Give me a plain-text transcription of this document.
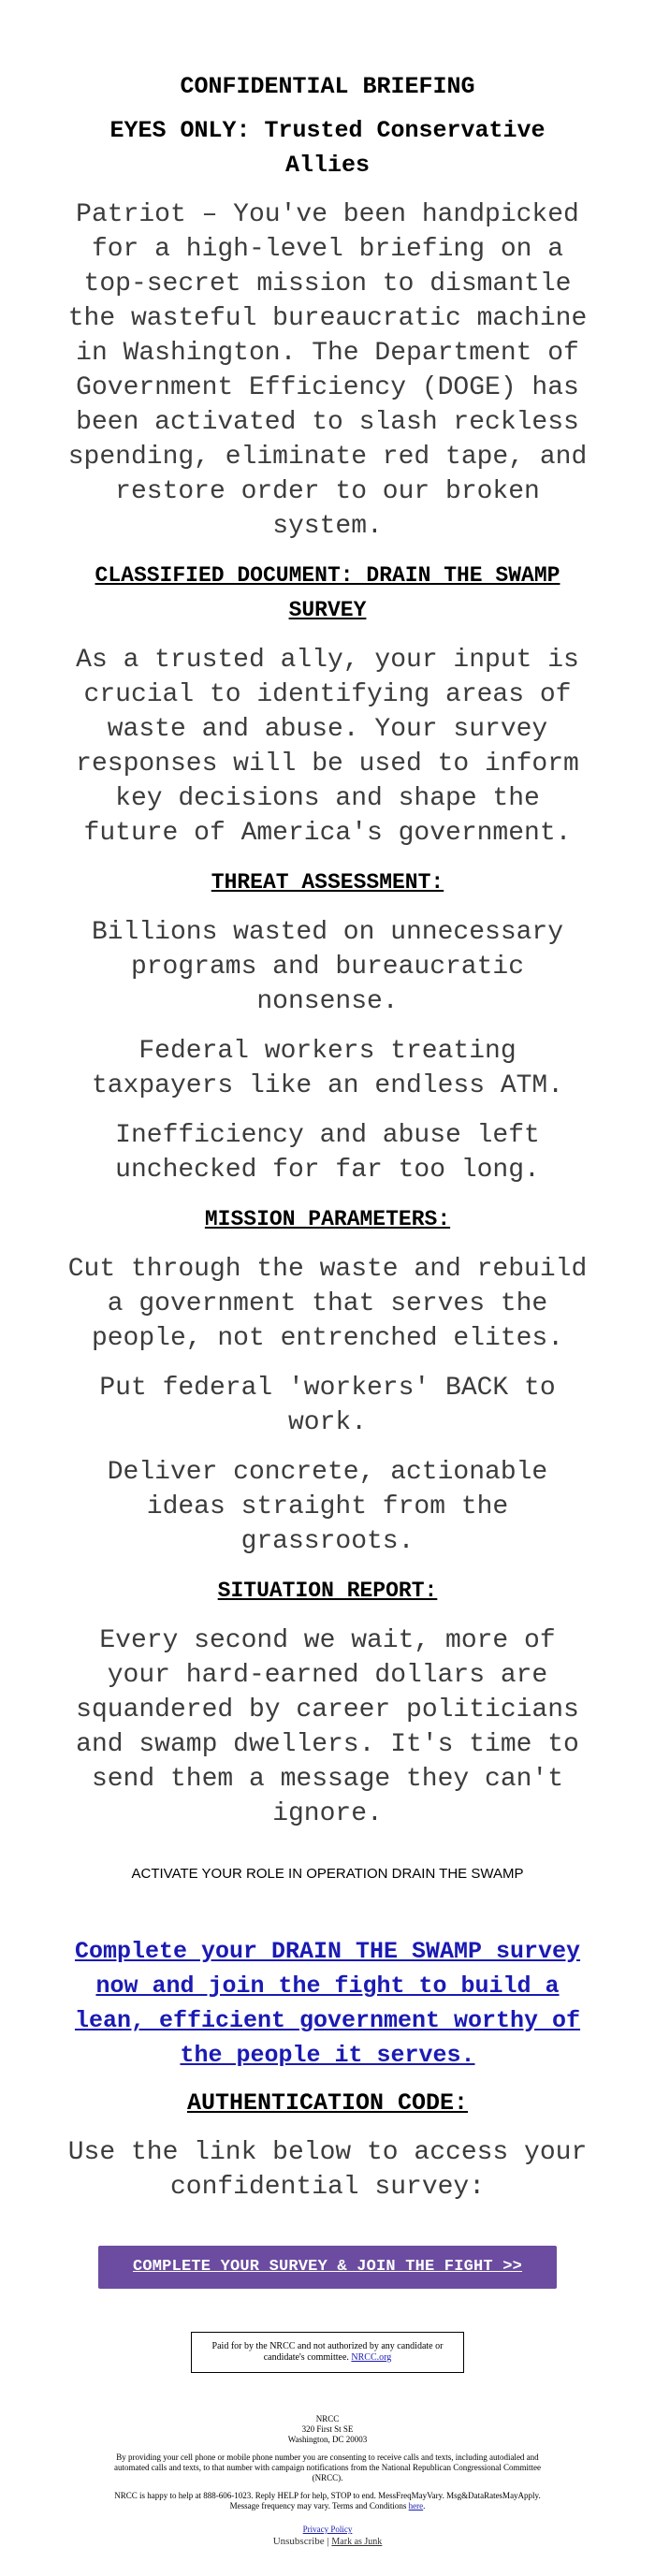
CONFIDENTIAL BRIEFING

EYES ONLY: Trusted Conservative Allies

Patriot – You've been handpicked for a high-level briefing on a top-secret mission to dismantle the wasteful bureaucratic machine in Washington. The Department of Government Efficiency (DOGE) has been activated to slash reckless spending, eliminate red tape, and restore order to our broken system.

CLASSIFIED DOCUMENT: DRAIN THE SWAMP SURVEY

As a trusted ally, your input is crucial to identifying areas of waste and abuse. Your survey responses will be used to inform key decisions and shape the future of America's government.

THREAT ASSESSMENT:

Billions wasted on unnecessary programs and bureaucratic nonsense.

Federal workers treating taxpayers like an endless ATM.

Inefficiency and abuse left unchecked for far too long.

MISSION PARAMETERS:

Cut through the waste and rebuild a government that serves the people, not entrenched elites.

Put federal 'workers' BACK to work.

Deliver concrete, actionable ideas straight from the grassroots.

SITUATION REPORT:

Every second we wait, more of your hard-earned dollars are squandered by career politicians and swamp dwellers. It's time to send them a message they can't ignore.

ACTIVATE YOUR ROLE IN OPERATION DRAIN THE SWAMP

Complete your DRAIN THE SWAMP survey now and join the fight to build a lean, efficient government worthy of the people it serves.

AUTHENTICATION CODE:

Use the link below to access your confidential survey:

COMPLETE YOUR SURVEY & JOIN THE FIGHT >>
Paid for by the NRCC and not authorized by any candidate or candidate's committee. NRCC.org

NRCC

320 First St SE

Washington, DC 20003

By providing your cell phone or mobile phone number you are consenting to receive calls and texts, including autodialed and automated calls and texts, to that number with campaign notifications from the National Republican Congressional Committee (NRCC).

NRCC is happy to help at 888-606-1023. Reply HELP for help, STOP to end. MessFreqMayVary. Msg&DataRatesMayApply. Message frequency may vary. Terms and Conditions here.

Privacy Policy

Unsubscribe | Mark as Junk
